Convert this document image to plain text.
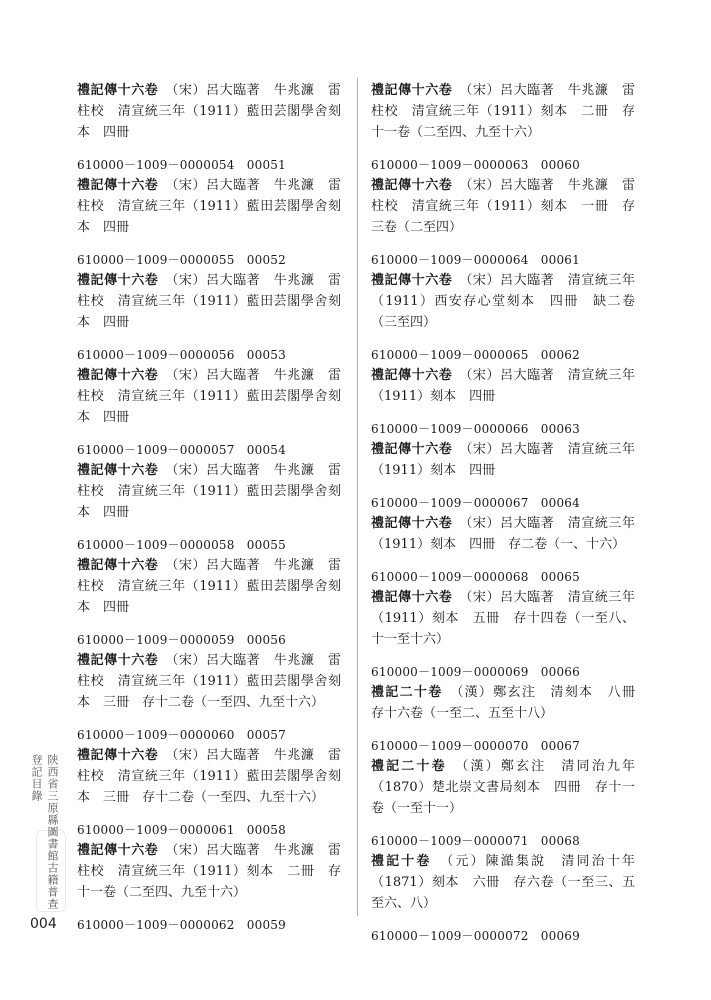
禮記傳十六卷　 （宋）呂大臨著　牛兆濂　雷柱校　清宣統三年（1911）藍田芸閣學舍刻本　四冊
610000－1009－0000054　00051
禮記傳十六卷　 （宋）呂大臨著　牛兆濂　雷柱校　清宣統三年（1911）藍田芸閣學舍刻本　四冊
610000－1009－0000055　00052
禮記傳十六卷　 （宋）呂大臨著　牛兆濂　雷柱校　清宣統三年（1911）藍田芸閣學舍刻本　四冊
610000－1009－0000056　00053
禮記傳十六卷　 （宋）呂大臨著　牛兆濂　雷柱校　清宣統三年（1911）藍田芸閣學舍刻本　四冊
610000－1009－0000057　00054
禮記傳十六卷　 （宋）呂大臨著　牛兆濂　雷柱校　清宣統三年（1911）藍田芸閣學舍刻本　四冊
610000－1009－0000058　00055
禮記傳十六卷　 （宋）呂大臨著　牛兆濂　雷柱校　清宣統三年（1911）藍田芸閣學舍刻本　四冊
610000－1009－0000059　00056
禮記傳十六卷　 （宋）呂大臨著　牛兆濂　雷柱校　清宣統三年（1911）藍田芸閣學舍刻本　三冊　存十二卷（一至四、九至十六）
610000－1009－0000060　00057
禮記傳十六卷　 （宋）呂大臨著　牛兆濂　雷柱校　清宣統三年（1911）藍田芸閣學舍刻本　三冊　存十二卷（一至四、九至十六）
610000－1009－0000061　00058
禮記傳十六卷　 （宋）呂大臨著　牛兆濂　雷柱校　清宣統三年（1911）刻本　二冊　存十一卷（二至四、九至十六）
610000－1009－0000062　00059
禮記傳十六卷　 （宋）呂大臨著　牛兆濂　雷柱校　清宣統三年（1911）刻本　二冊　存十一卷（二至四、九至十六）
610000－1009－0000063　00060
禮記傳十六卷　 （宋）呂大臨著　牛兆濂　雷柱校　清宣統三年（1911）刻本　一冊　存三卷（二至四）
610000－1009－0000064　00061
禮記傳十六卷　 （宋）呂大臨著　清宣統三年（1911）西安存心堂刻本　四冊　缺二卷（三至四）
610000－1009－0000065　00062
禮記傳十六卷　 （宋）呂大臨著　清宣統三年（1911）刻本　四冊
610000－1009－0000066　00063
禮記傳十六卷　 （宋）呂大臨著　清宣統三年（1911）刻本　四冊
610000－1009－0000067　00064
禮記傳十六卷　 （宋）呂大臨著　清宣統三年（1911）刻本　四冊　存二卷（一、十六）
610000－1009－0000068　00065
禮記傳十六卷　 （宋）呂大臨著　清宣統三年（1911）刻本　五冊　存十四卷（一至八、十一至十六）
610000－1009－0000069　00066
禮記二十卷　 （漢）鄭玄注　清刻本　八冊　存十六卷（一至二、五至十八）
610000－1009－0000070　00067
禮記二十卷　 （漢）鄭玄注　清同治九年（1870）楚北崇文書局刻本　四冊　存十一卷（一至十一）
610000－1009－0000071　00068
禮記十卷　 （元）陳澔集說　清同治十年（1871）刻本　六冊　存六卷（一至三、五至六、八）
610000－1009－0000072　00069
陝西省三原縣圖書館古籍普查登記目錄
004
